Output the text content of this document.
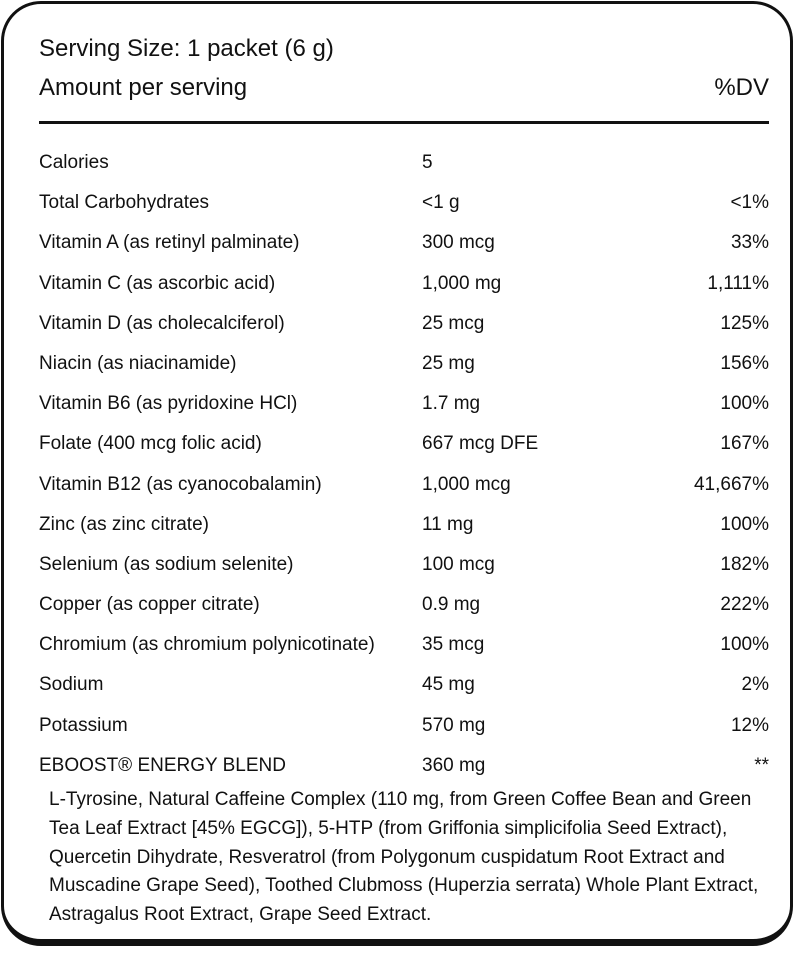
Serving Size: 1 packet (6 g)
Amount per serving	%DV
Calories	5
Total Carbohydrates	<1 g	<1%
Vitamin A (as retinyl palminate)	300 mcg	33%
Vitamin C (as ascorbic acid)	1,000 mg	1,111%
Vitamin D (as cholecalciferol)	25 mcg	125%
Niacin (as niacinamide)	25 mg	156%
Vitamin B6 (as pyridoxine HCl)	1.7 mg	100%
Folate (400 mcg folic acid)	667 mcg DFE	167%
Vitamin B12 (as cyanocobalamin)	1,000 mcg	41,667%
Zinc (as zinc citrate)	11 mg	100%
Selenium (as sodium selenite)	100 mcg	182%
Copper (as copper citrate)	0.9 mg	222%
Chromium (as chromium polynicotinate) 35 mcg	100%
Sodium	45 mg	2%
Potassium	570 mg	12%
EBOOST® ENERGY BLEND	360 mg	**
L-Tyrosine, Natural Caffeine Complex (110 mg, from Green Coffee Bean and Green Tea Leaf Extract [45% EGCG]), 5-HTP (from Griffonia simplicifolia Seed Extract), Quercetin Dihydrate, Resveratrol (from Polygonum cuspidatum Root Extract and Muscadine Grape Seed), Toothed Clubmoss (Huperzia serrata) Whole Plant Extract, Astragalus Root Extract, Grape Seed Extract.
